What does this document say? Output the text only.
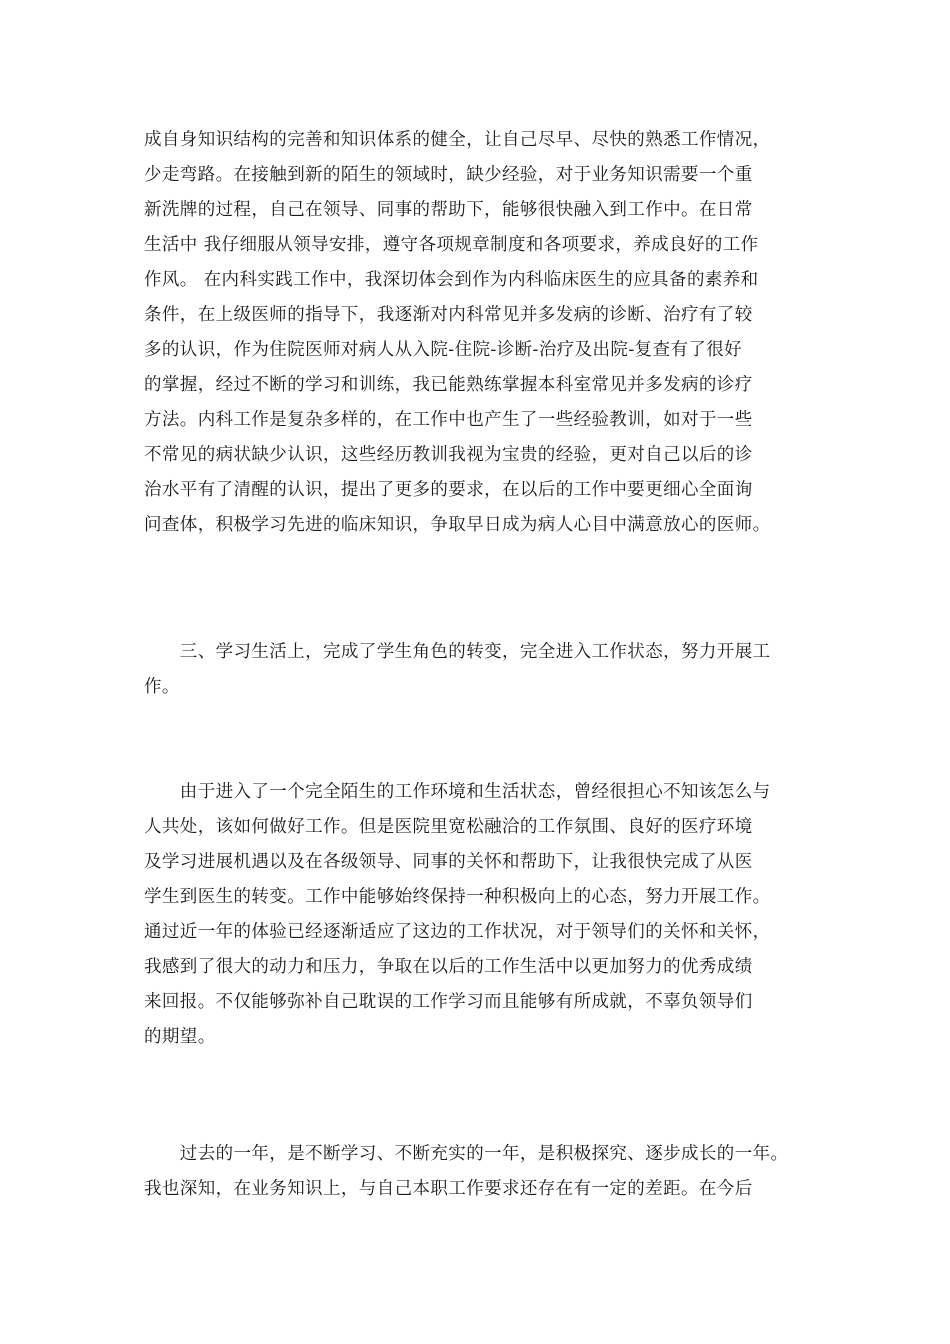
成自身知识结构的完善和知识体系的健全，让自己尽早、尽快的熟悉工作情况，
少走弯路。在接触到新的陌生的领域时，缺少经验，对于业务知识需要一个重
新洗牌的过程，自己在领导、同事的帮助下，能够很快融入到工作中。在日常
生活中 我仔细服从领导安排，遵守各项规章制度和各项要求，养成良好的工作
作风。 在内科实践工作中，我深切体会到作为内科临床医生的应具备的素养和
条件，在上级医师的指导下，我逐渐对内科常见并多发病的诊断、治疗有了较
多的认识，作为住院医师对病人从入院-住院-诊断-治疗及出院-复查有了很好
的掌握，经过不断的学习和训练，我已能熟练掌握本科室常见并多发病的诊疗
方法。内科工作是复杂多样的，在工作中也产生了一些经验教训，如对于一些
不常见的病状缺少认识，这些经历教训我视为宝贵的经验，更对自己以后的诊
治水平有了清醒的认识，提出了更多的要求，在以后的工作中要更细心全面询
问查体，积极学习先进的临床知识，争取早日成为病人心目中满意放心的医师。
　　三、学习生活上，完成了学生角色的转变，完全进入工作状态，努力开展工
作。
　　由于进入了一个完全陌生的工作环境和生活状态，曾经很担心不知该怎么与
人共处，该如何做好工作。但是医院里宽松融洽的工作氛围、良好的医疗环境
及学习进展机遇以及在各级领导、同事的关怀和帮助下，让我很快完成了从医
学生到医生的转变。工作中能够始终保持一种积极向上的心态，努力开展工作。
通过近一年的体验已经逐渐适应了这边的工作状况，对于领导们的关怀和关怀，
我感到了很大的动力和压力，争取在以后的工作生活中以更加努力的优秀成绩
来回报。不仅能够弥补自己耽误的工作学习而且能够有所成就，不辜负领导们
的期望。
　　过去的一年，是不断学习、不断充实的一年，是积极探究、逐步成长的一年。
我也深知，在业务知识上，与自己本职工作要求还存在有一定的差距。在今后
